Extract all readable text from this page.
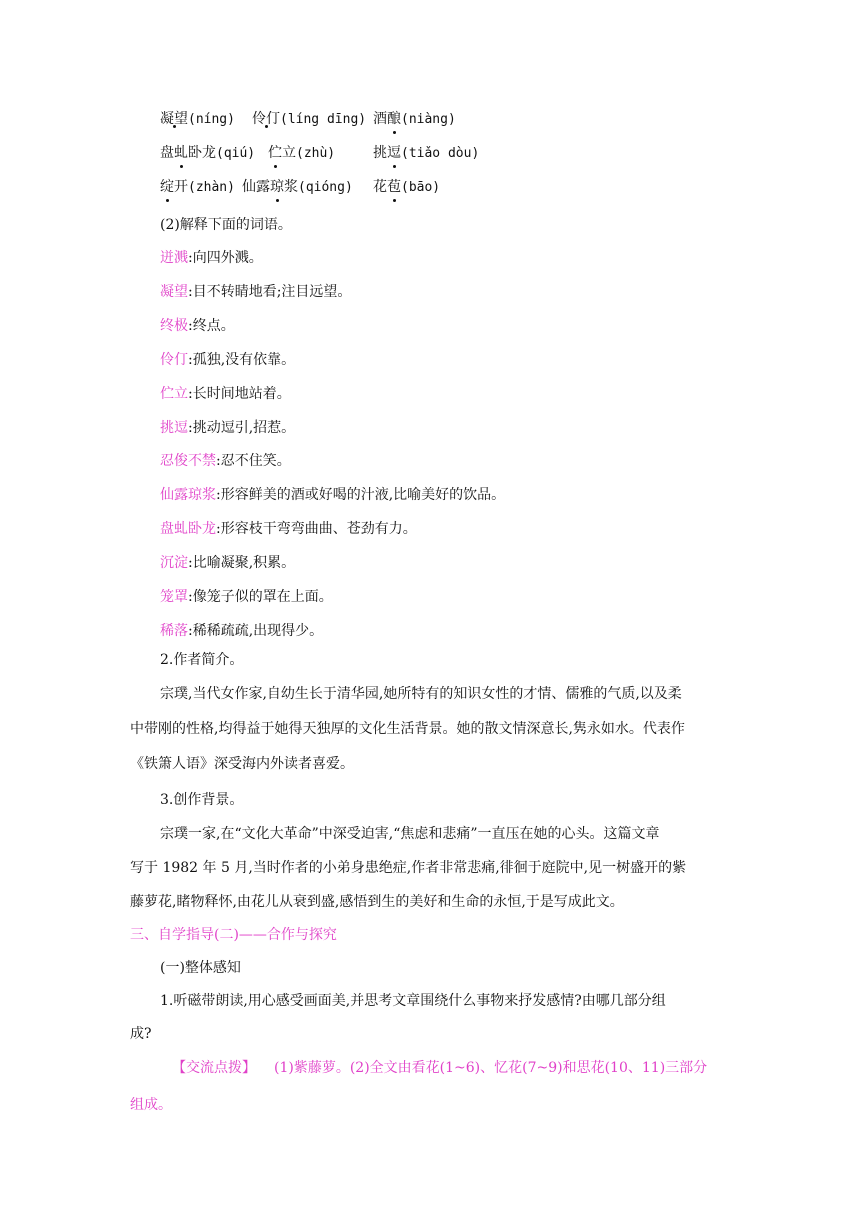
凝望(níng) 伶仃(líng dīng) 酒酿(niàng)
盘虬卧龙(qiú) 伫立(zhù)	挑逗(tiǎo dòu)
绽开(zhàn) 仙露琼浆(qióng) 花苞(bāo)
(2)解释下面的词语。
迸溅:向四外溅。
凝望:目不转睛地看;注目远望。
终极:终点。
伶仃:孤独,没有依靠。
伫立:长时间地站着。
挑逗:挑动逗引,招惹。
忍俊不禁:忍不住笑。
仙露琼浆:形容鲜美的酒或好喝的汁液,比喻美好的饮品。
盘虬卧龙:形容枝干弯弯曲曲、苍劲有力。
沉淀:比喻凝聚,积累。
笼罩:像笼子似的罩在上面。
稀落:稀稀疏疏,出现得少。
2.作者简介。
宗璞,当代女作家,自幼生长于清华园,她所特有的知识女性的才情、儒雅的气质,以及柔
中带刚的性格,均得益于她得天独厚的文化生活背景。她的散文情深意长,隽永如水。代表作
《铁箫人语》深受海内外读者喜爱。
3.创作背景。
宗璞一家,在“文化大革命”中深受迫害,“焦虑和悲痛”一直压在她的心头。这篇文章
写于 1982 年 5 月,当时作者的小弟身患绝症,作者非常悲痛,徘徊于庭院中,见一树盛开的紫
藤萝花,睹物释怀,由花儿从衰到盛,感悟到生的美好和生命的永恒,于是写成此文。
三、自学指导(二)——合作与探究
(一)整体感知
1.听磁带朗读,用心感受画面美,并思考文章围绕什么事物来抒发感情?由哪几部分组
成?
【交流点拨】 (1)紫藤萝。(2)全文由看花(1~6)、忆花(7~9)和思花(10、11)三部分
组成。
